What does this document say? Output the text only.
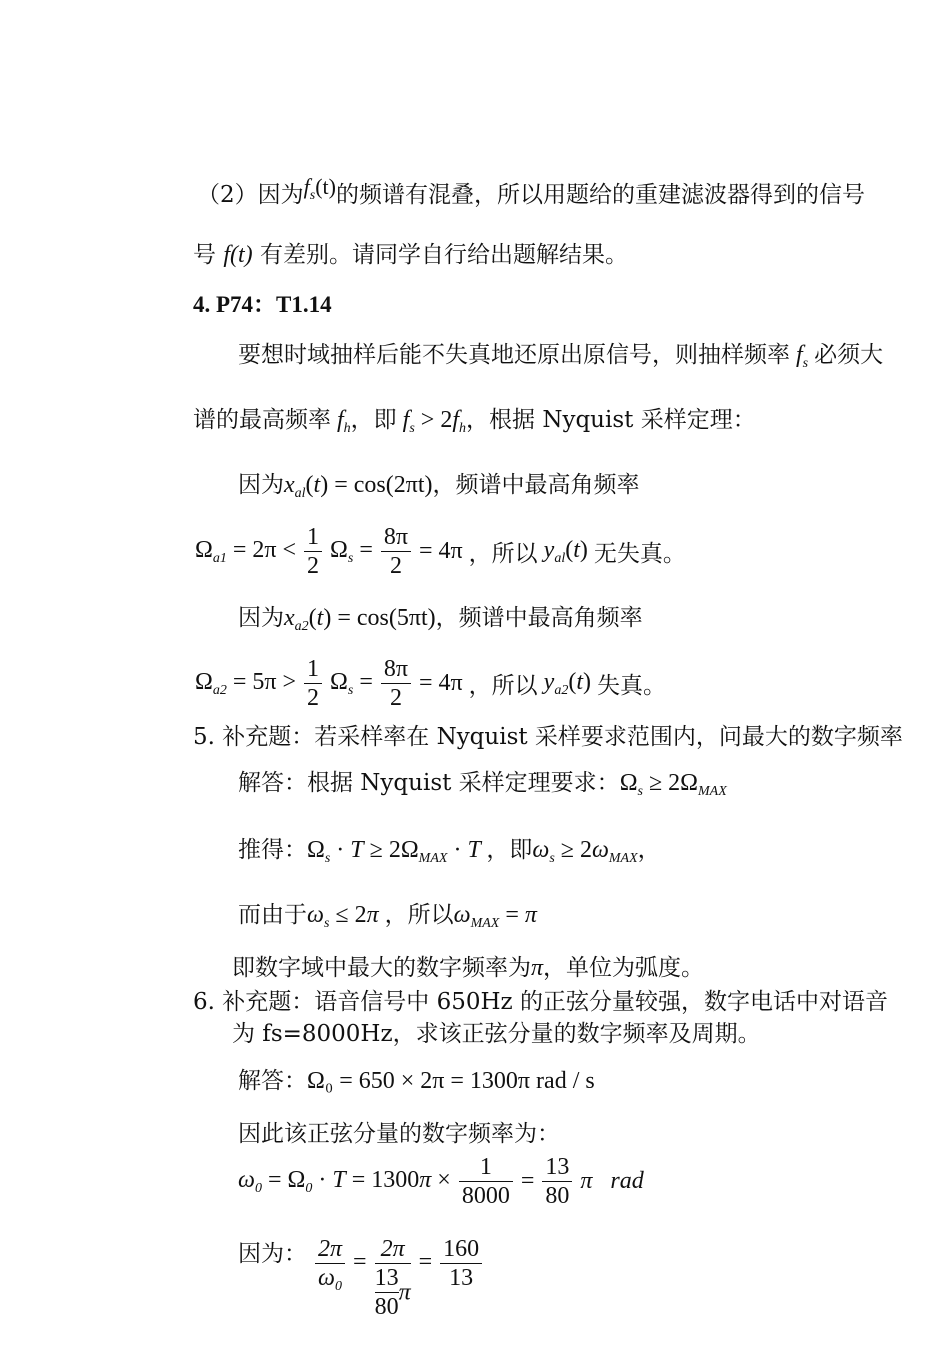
（2）因为$f_s(t)$的频谱有混叠，所以用题给的重建滤波器得到的信号
号 f(t) 有差别。请同学自行给出题解结果。
4. P74：T1.14
要想时域抽样后能不失真地还原出原信号，则抽样频率 $f_s$ 必须大
谱的最高频率 $f_h$，即 $f_s > 2f_h$，根据 Nyquist 采样定理：
因为$x_{al}(t) = \cos(2\pi t)$，频谱中最高角频率
$\Omega_{a1} = 2\pi < \frac{1}{2} \Omega_s = \frac{8\pi}{2} = 4\pi$ ，所以 $y_{al}(t)$ 无失真。
因为$x_{a2}(t) = \cos(5\pi t)$，频谱中最高角频率
$\Omega_{a2} = 5\pi > \frac{1}{2} \Omega_s = \frac{8\pi}{2} = 4\pi$ ，所以 $y_{a2}(t)$ 失真。
5. 补充题：若采样率在 Nyquist 采样要求范围内，问最大的数字频率
解答：根据 Nyquist 采样定理要求：$\Omega_s \ge 2\Omega_{MAX}$
推得：$\Omega_s \cdot T \ge 2\Omega_{MAX} \cdot T$ ，即$\omega_s \ge 2\omega_{MAX}$，
而由于$\omega_s \le 2\pi$ ，所以$\omega_{MAX} = \pi$
即数字域中最大的数字频率为π，单位为弧度。
6. 补充题：语音信号中 650Hz 的正弦分量较强，数字电话中对语音
为 fs=8000Hz，求该正弦分量的数字频率及周期。
解答：Ω₀ = 650 × 2π = 1300π rad / s
因此该正弦分量的数字频率为：
$\omega_0 = \Omega_0 \cdot T = 1300\pi \times \frac{1}{8000} = \frac{13}{80}$ π   rad
因为： $\frac{2\pi}{\omega_0} = \frac{2\pi}{\frac{13}{80} \pi} = \frac{160}{13}$
